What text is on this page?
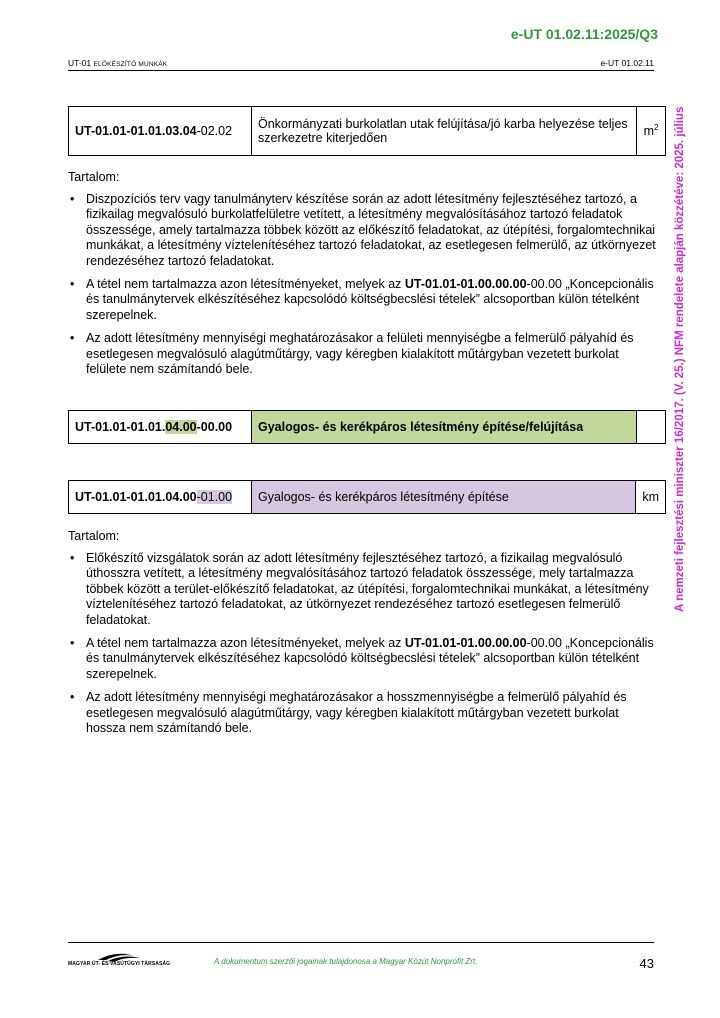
e-UT 01.02.11:2025/Q3
UT-01 ELŐKÉSZÍTŐ MUNKÁK	e-UT 01.02.11
A nemzeti fejlesztési miniszter 16/2017. (V. 25.) NFM rendelete alapján közzétéve: 2025. július
UT-01.01-01.01.03.04-02.02	Önkormányzati burkolatlan utak felújítása/jó karba helyezése teljes szerkezetre kiterjedően	$m^2$
Tartalom:
• Diszpozíciós terv vagy tanulmányterv készítése során az adott létesítmény fejlesztéséhez tartozó, a fizikailag megvalósuló burkolatfelületre vetített, a létesítmény megvalósításához tartozó feladatok összessége, amely tartalmazza többek között az előkészítő feladatokat, az útépítési, forgalomtechnikai munkákat, a létesítmény víztelenítéséhez tartozó feladatokat, az esetlegesen felmerülő, az útkörnyezet rendezéséhez tartozó feladatokat.
• A tétel nem tartalmazza azon létesítményeket, melyek az UT-01.01-01.00.00.00-00.00 „Koncepcionális és tanulmánytervek elkészítéséhez kapcsolódó költségbecslési tételek” alcsoportban külön tételként szerepelnek.
• Az adott létesítmény mennyiségi meghatározásakor a felületi mennyiségbe a felmerülő pályahíd és esetlegesen megvalósuló alagútműtárgy, vagy kéregben kialakított műtárgyban vezetett burkolat felülete nem számítandó bele.
UT-01.01-01.01.04.00-00.00	Gyalogos- és kerékpáros létesítmény építése/felújítása	
UT-01.01-01.01.04.00-01.00	Gyalogos- és kerékpáros létesítmény építése	km
Tartalom:
• Előkészítő vizsgálatok során az adott létesítmény fejlesztéséhez tartozó, a fizikailag megvalósuló úthosszra vetített, a létesítmény megvalósításához tartozó feladatok összessége, mely tartalmazza többek között a terület-előkészítő feladatokat, az útépítési, forgalomtechnikai munkákat, a létesítmény víztelenítéséhez tartozó feladatokat, az útkörnyezet rendezéséhez tartozó esetlegesen felmerülő feladatokat.
• A tétel nem tartalmazza azon létesítményeket, melyek az UT-01.01-01.00.00.00-00.00 „Koncepcionális és tanulmánytervek elkészítéséhez kapcsolódó költségbecslési tételek” alcsoportban külön tételként szerepelnek.
• Az adott létesítmény mennyiségi meghatározásakor a hosszmennyiségbe a felmerülő pályahíd és esetlegesen megvalósuló alagútműtárgy, vagy kéregben kialakított műtárgyban vezetett burkolat hossza nem számítandó bele.
MAGYAR ÚT- ÉS VASÚTÜGYI TÁRSASÁG	A dokumentum szerzői jogainak tulajdonosa a Magyar Közút Nonprofit Zrt.	43
